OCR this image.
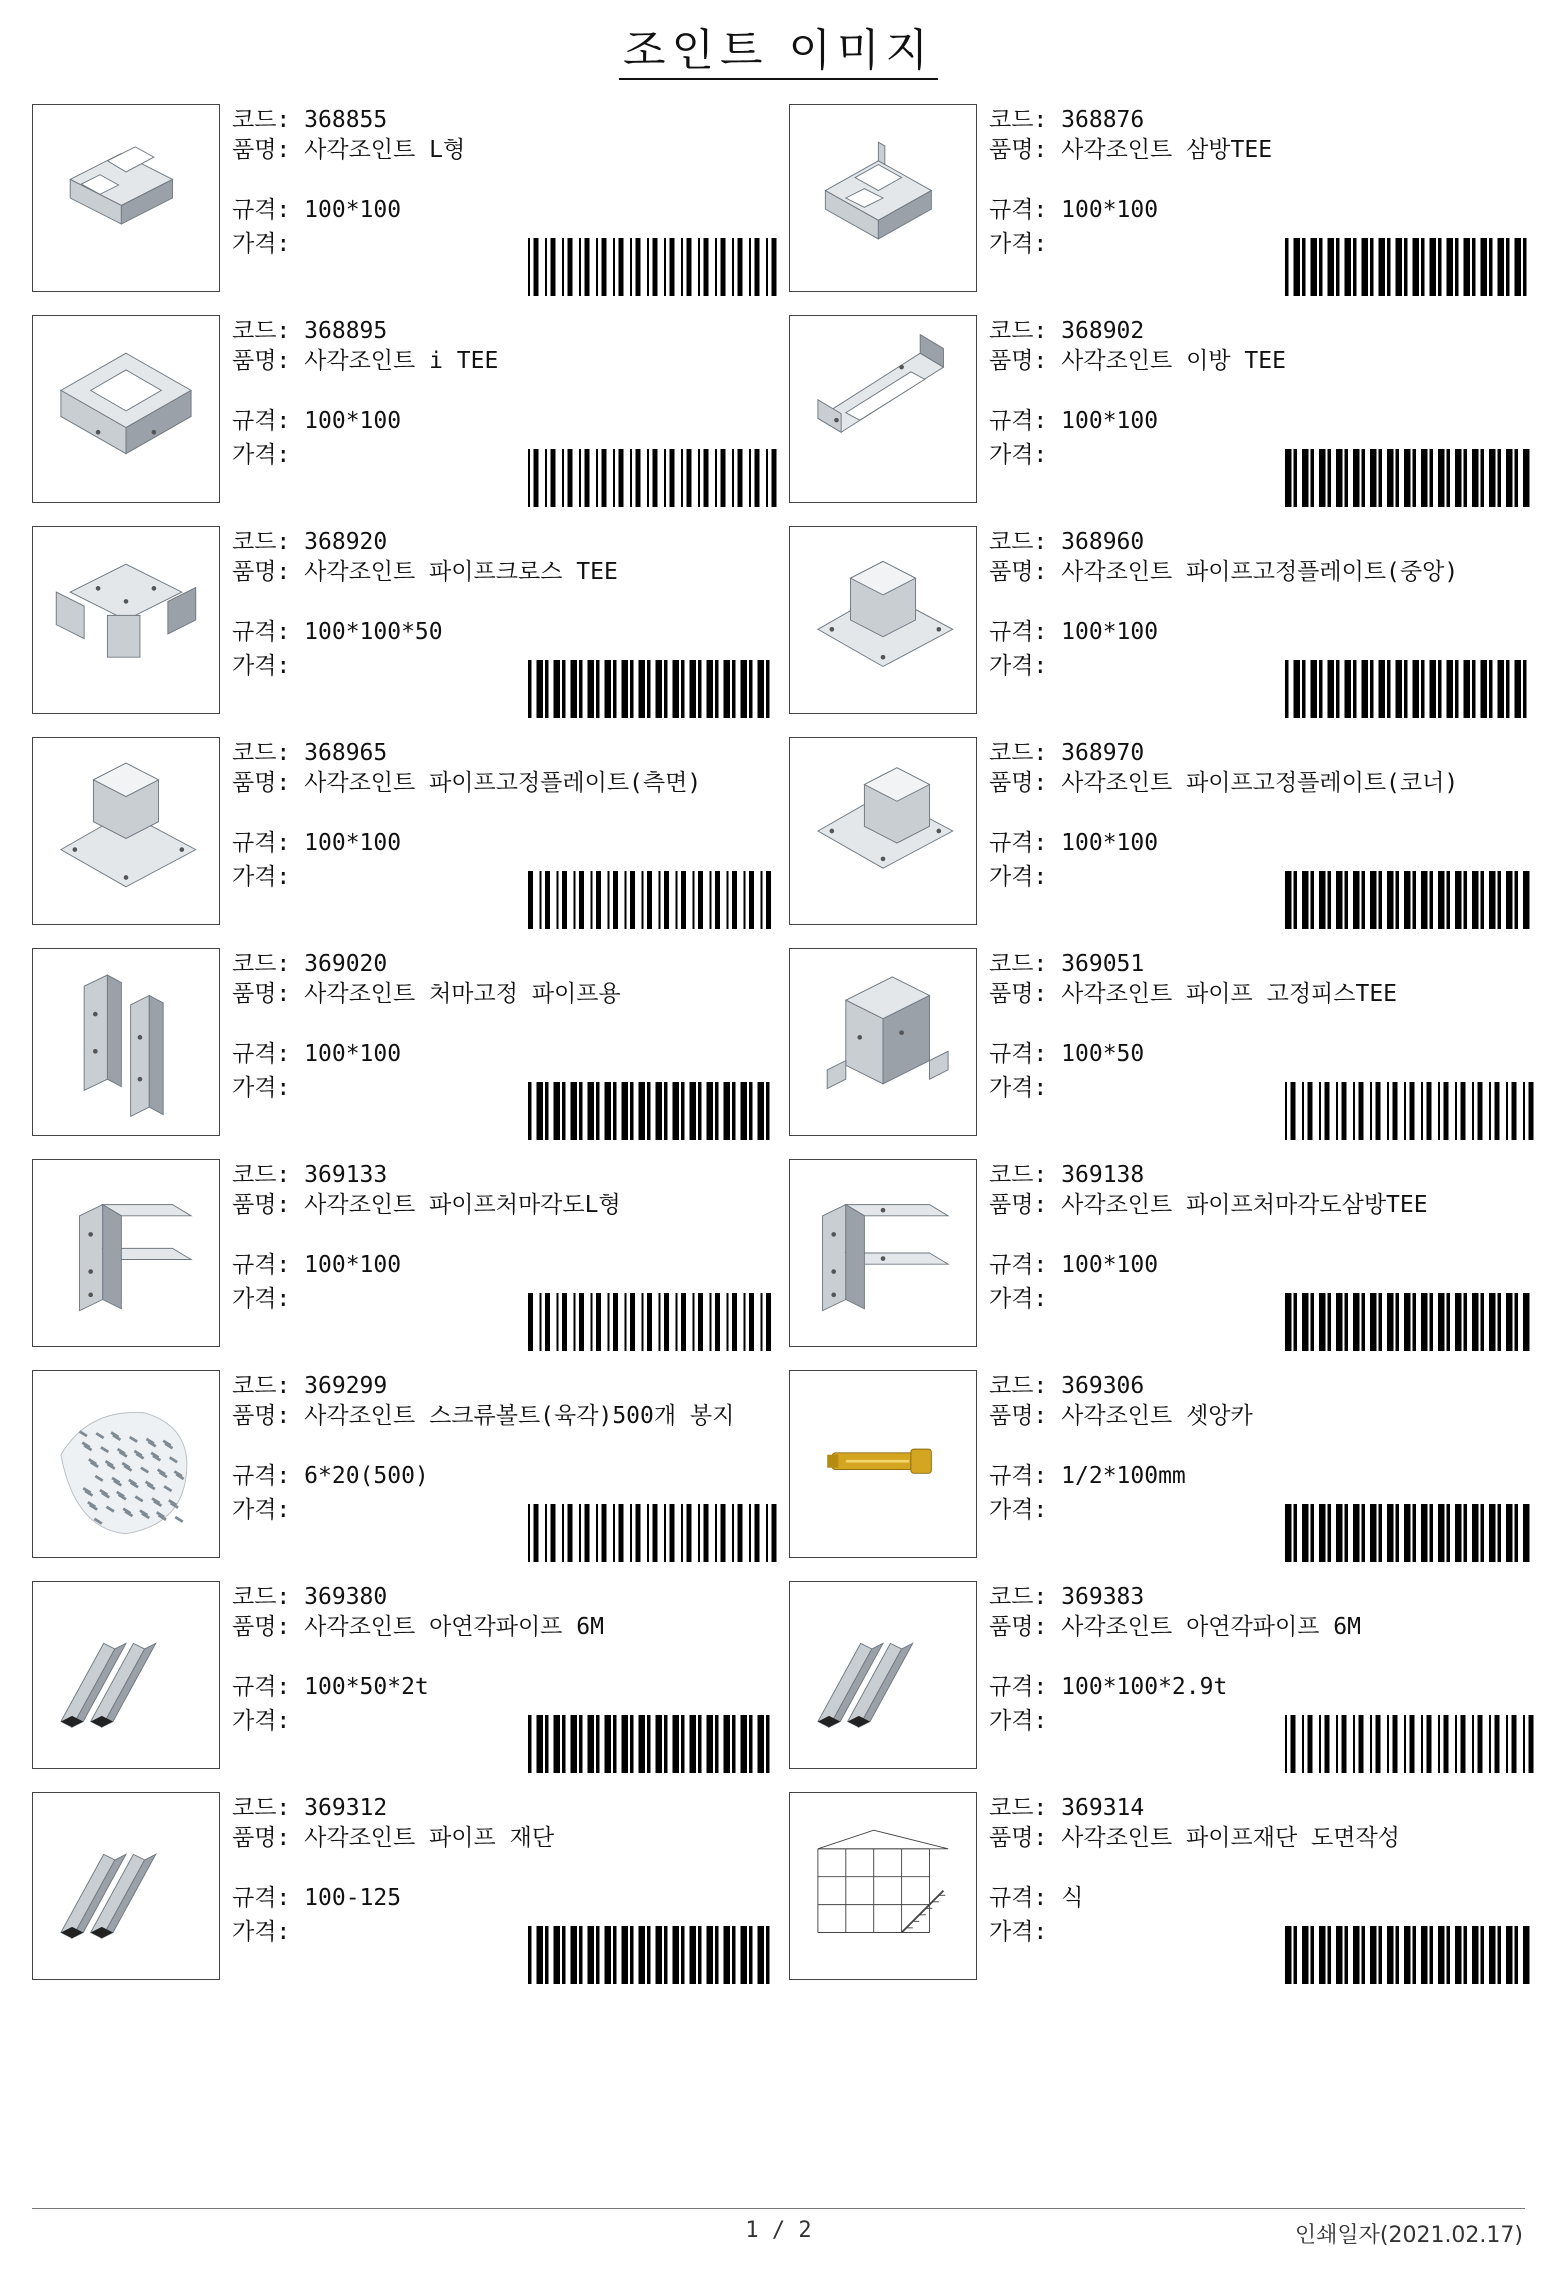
조인트 이미지
코드: 368855
품명: 사각조인트 L형
규격: 100*100
가격:
코드: 368876
품명: 사각조인트 삼방TEE
규격: 100*100
가격:
코드: 368895
품명: 사각조인트 i TEE
규격: 100*100
가격:
코드: 368902
품명: 사각조인트 이방 TEE
규격: 100*100
가격:
코드: 368920
품명: 사각조인트 파이프크로스 TEE
규격: 100*100*50
가격:
코드: 368960
품명: 사각조인트 파이프고정플레이트(중앙)
규격: 100*100
가격:
코드: 368965
품명: 사각조인트 파이프고정플레이트(측면)
규격: 100*100
가격:
코드: 368970
품명: 사각조인트 파이프고정플레이트(코너)
규격: 100*100
가격:
코드: 369020
품명: 사각조인트 처마고정 파이프용
규격: 100*100
가격:
코드: 369051
품명: 사각조인트 파이프 고정피스TEE
규격: 100*50
가격:
코드: 369133
품명: 사각조인트 파이프처마각도L형
규격: 100*100
가격:
코드: 369138
품명: 사각조인트 파이프처마각도삼방TEE
규격: 100*100
가격:
코드: 369299
품명: 사각조인트 스크류볼트(육각)500개 봉지
규격: 6*20(500)
가격:
코드: 369306
품명: 사각조인트 셋앙카
규격: 1/2*100mm
가격:
코드: 369380
품명: 사각조인트 아연각파이프 6M
규격: 100*50*2t
가격:
코드: 369383
품명: 사각조인트 아연각파이프 6M
규격: 100*100*2.9t
가격:
코드: 369312
품명: 사각조인트 파이프 재단
규격: 100-125
가격:
코드: 369314
품명: 사각조인트 파이프재단 도면작성
규격: 식
가격:
1 / 2	인쇄일자(2021.02.17)
